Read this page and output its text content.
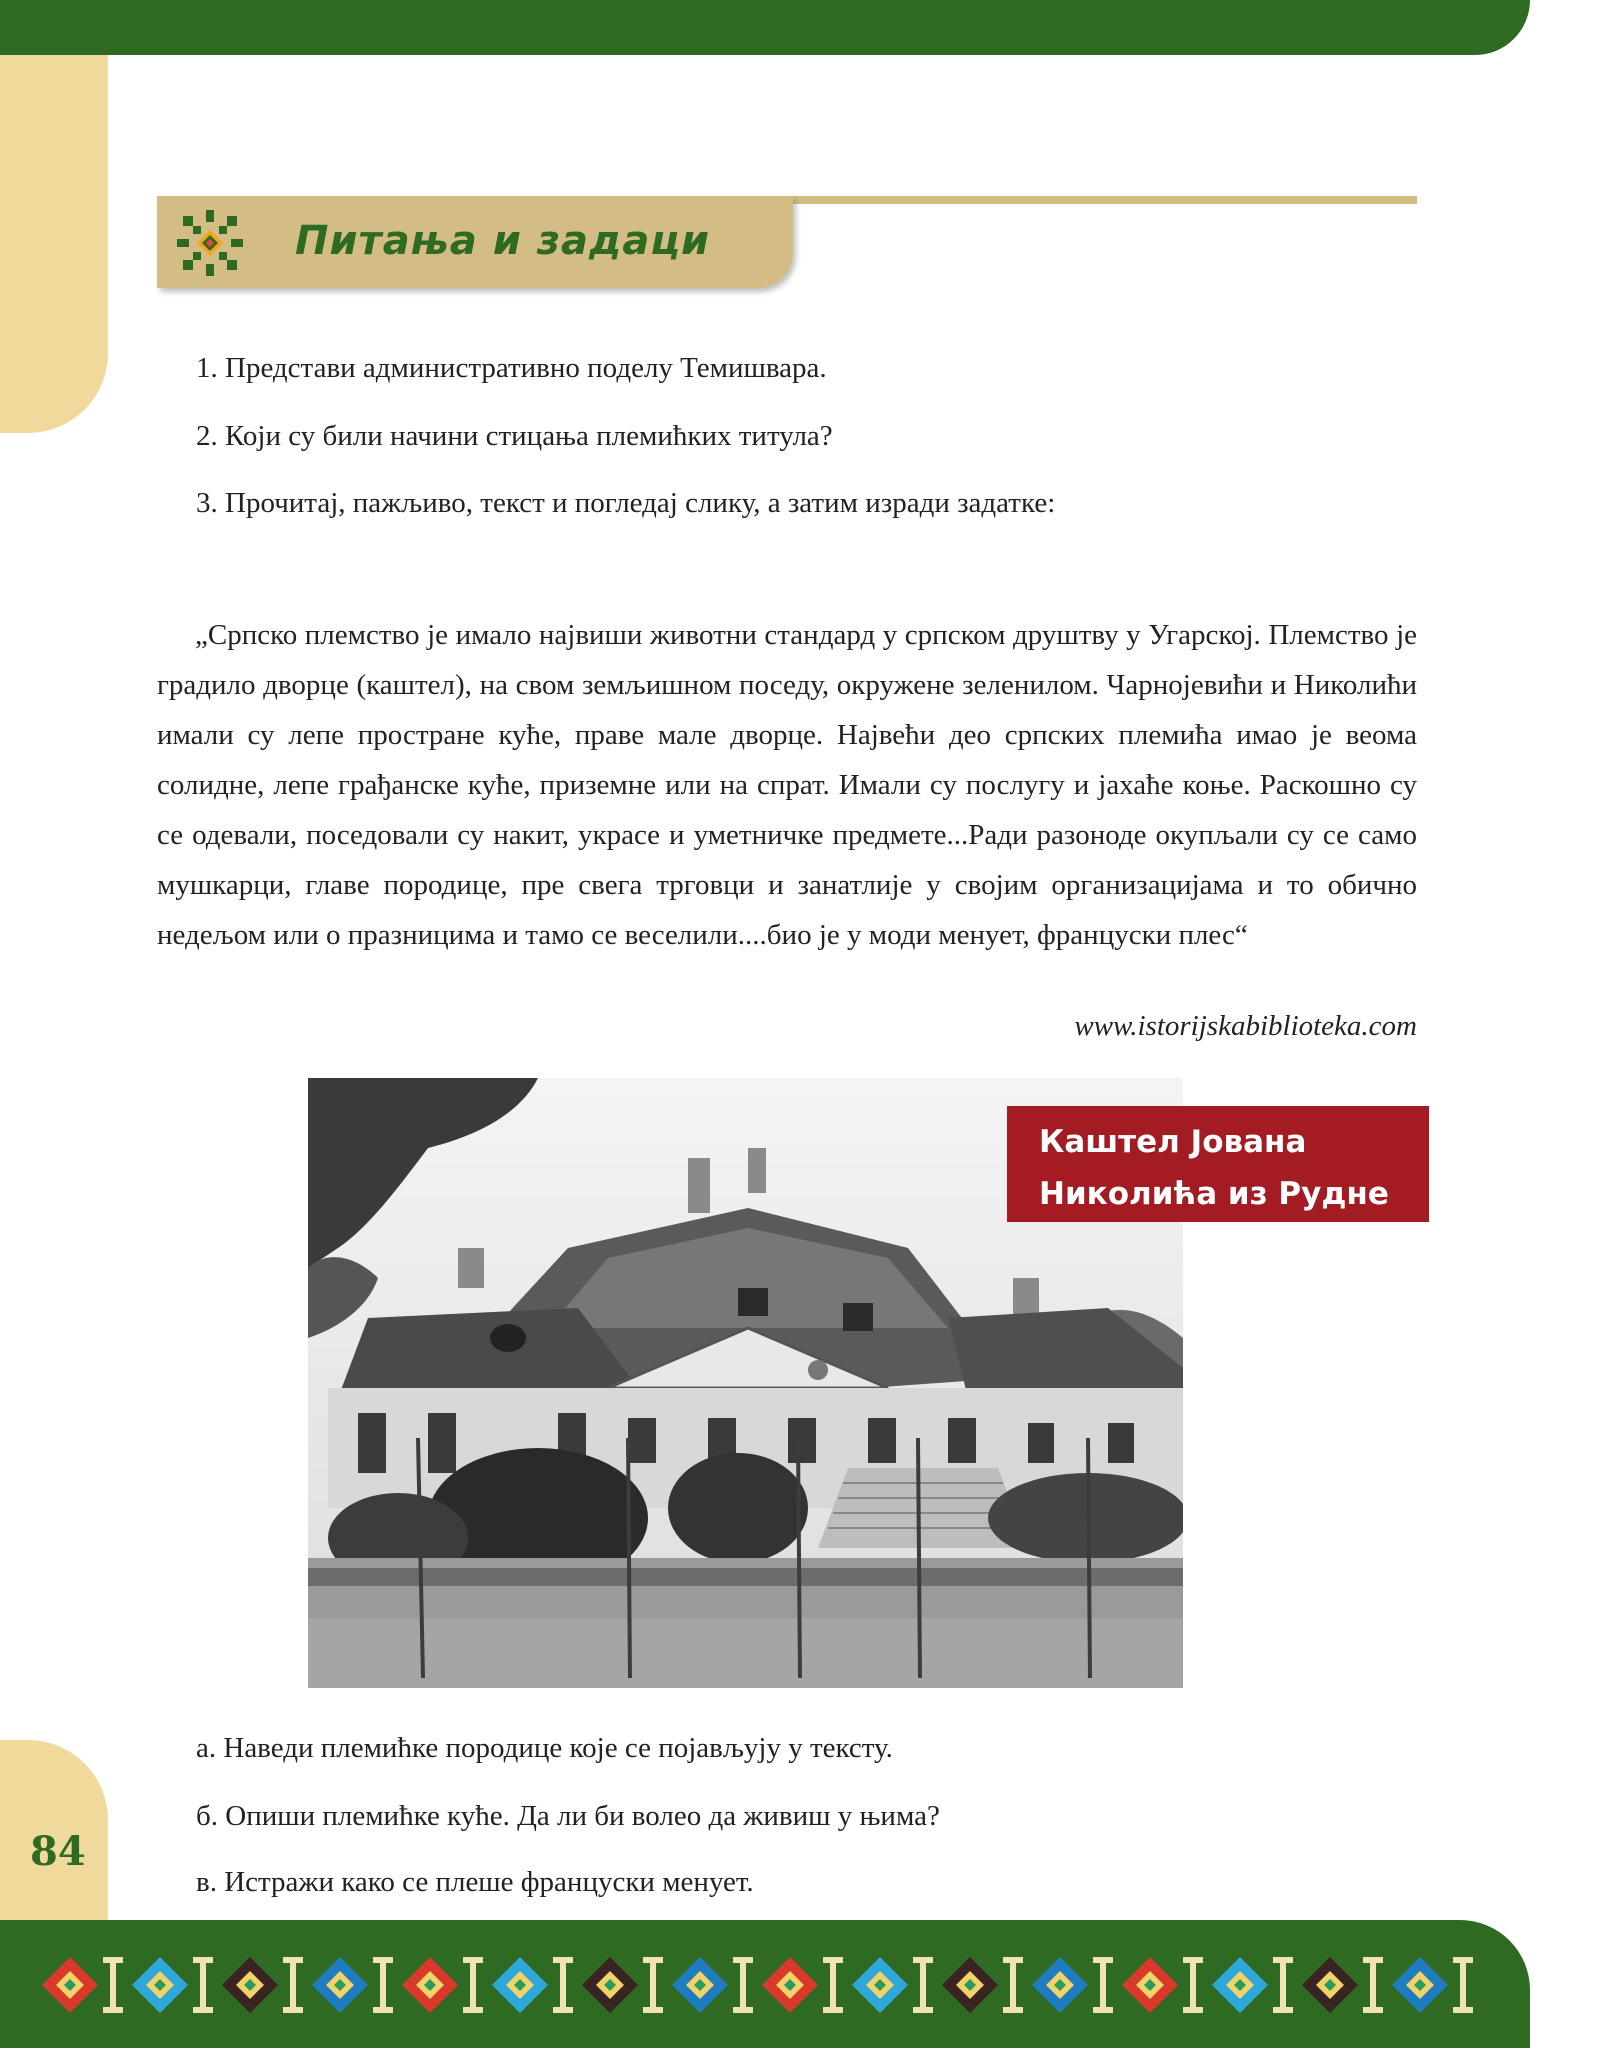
84
Питања и задаци
1. Представи административно поделу Темишвара.
2. Који су били начини стицања племићких титула?
3. Прочитај, пажљиво, текст и погледај слику, а затим изради задатке:
„Српско племство је имало највиши животни стандард у српском друштву у Угарској. Племство је градило дворце (каштел), на свом земљишном поседу, окружене зеленилом. Чарнојевићи и Николићи имали су лепе простране куће, праве мале дворце. Највећи део српских племића имао је веома солидне, лепе грађанске куће, приземне или на спрат. Имали су послугу и јахаће коње. Раскошно су се одевали, поседовали су накит, украсе и уметничке предмете...Ради разоноде окупљали су се само мушкарци, главе породице, пре свега трговци и занатлије у својим организацијама и то обично недељом или о празницима и тамо се веселили....био је у моди менует, француски плес“
www.istorijskabiblioteka.com
Каштел Јована
Николића из Рудне
а. Наведи племићке породице које се појављују у тексту.
б. Опиши племићке куће. Да ли би волео да живиш у њима?
в. Истражи како се плеше француски менует.
